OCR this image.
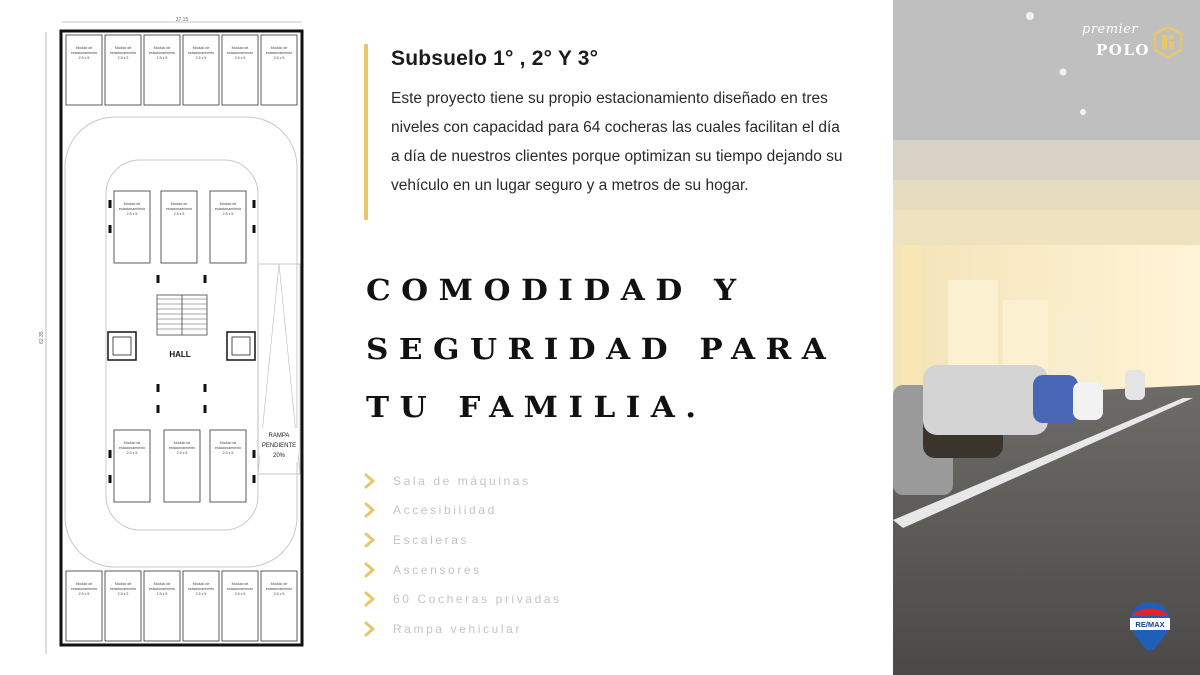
37.15
62.35
Módulo de
estacionamiento
2.5 x 5
Módulo de
estacionamiento
2.5 x 5
Módulo de
estacionamiento
2.5 x 5
Módulo de
estacionamiento
2.5 x 5
Módulo de
estacionamiento
2.5 x 5
Módulo de
estacionamiento
2.5 x 5
Módulo de
estacionamiento
2.5 x 5
Módulo de
estacionamiento
2.5 x 5
Módulo de
estacionamiento
2.5 x 5
Módulo de
estacionamiento
2.5 x 5
Módulo de
estacionamiento
2.5 x 5
Módulo de
estacionamiento
2.5 x 5
RAMPA
PENDIENTE
20%
Módulo de
estacionamiento
2.5 x 5
Módulo de
estacionamiento
2.5 x 5
Módulo de
estacionamiento
2.5 x 5
Módulo de
estacionamiento
2.5 x 5
Módulo de
estacionamiento
2.5 x 5
Módulo de
estacionamiento
2.5 x 5
HALL
Subsuelo 1° , 2° Y 3°

Este proyecto tiene su propio estacionamiento diseñado en tres niveles con capacidad para 64 cocheras las cuales facilitan el día a día de nuestros clientes porque optimizan su tiempo dejando su vehículo en un lugar seguro y a metros de su hogar.

COMODIDAD Y
SEGURIDAD PARA
TU FAMILIA.
Sala de máquinas
Accesibilidad
Escaleras
Ascensores
60 Cocheras privadas
Rampa vehicular
premier
POLO
RE/MAX
